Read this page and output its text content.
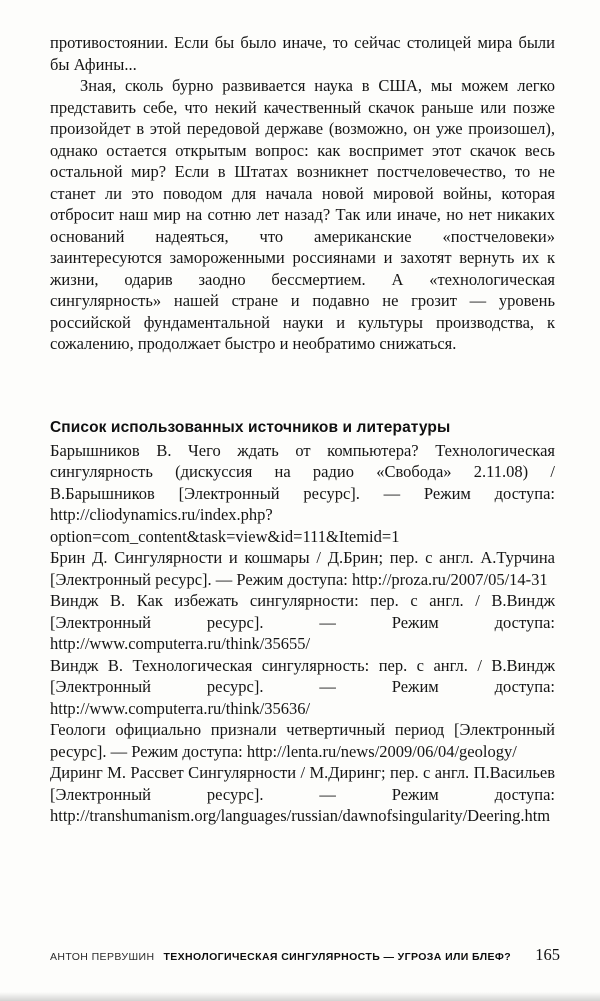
противостоянии. Если бы было иначе, то сейчас столицей мира были бы Афины...

Зная, сколь бурно развивается наука в США, мы можем легко представить себе, что некий качественный скачок раньше или позже произойдет в этой передовой державе (возможно, он уже произошел), однако остается открытым вопрос: как воспримет этот скачок весь остальной мир? Если в Штатах возникнет постчеловечество, то не станет ли это поводом для начала новой мировой войны, которая отбросит наш мир на сотню лет назад? Так или иначе, но нет никаких оснований надеяться, что американские «постчеловеки» заинтересуются замороженными россиянами и захотят вернуть их к жизни, одарив заодно бессмертием. А «технологическая сингулярность» нашей стране и подавно не грозит — уровень российской фундаментальной науки и культуры производства, к сожалению, продолжает быстро и необратимо снижаться.

Список использованных источников и литературы

Барышников В. Чего ждать от компьютера? Технологическая сингулярность (дискуссия на радио «Свобода» 2.11.08) / В.Барышников [Электронный ресурс]. — Режим доступа: http://cliodynamics.ru/index.php?option=com_content&task=view&id=111&Itemid=1

Брин Д. Сингулярности и кошмары / Д.Брин; пер. с англ. А.Турчина [Электронный ресурс]. — Режим доступа: http://proza.ru/2007/05/14-31

Виндж В. Как избежать сингулярности: пер. с англ. / В.Виндж [Электронный ресурс]. — Режим доступа: http://www.computerra.ru/think/35655/

Виндж В. Технологическая сингулярность: пер. с англ. / В.Виндж [Электронный ресурс]. — Режим доступа: http://www.computerra.ru/think/35636/

Геологи официально признали четвертичный период [Электронный ресурс]. — Режим доступа: http://lenta.ru/news/2009/06/04/geology/

Диринг М. Рассвет Сингулярности / М.Диринг; пер. с англ. П.Васильев [Электронный ресурс]. — Режим доступа: http://transhumanism.org/languages/russian/dawnofsingularity/Deering.htm

АНТОН ПЕРВУШИН ТЕХНОЛОГИЧЕСКАЯ СИНГУЛЯРНОСТЬ — УГРОЗА ИЛИ БЛЕФ? 165
